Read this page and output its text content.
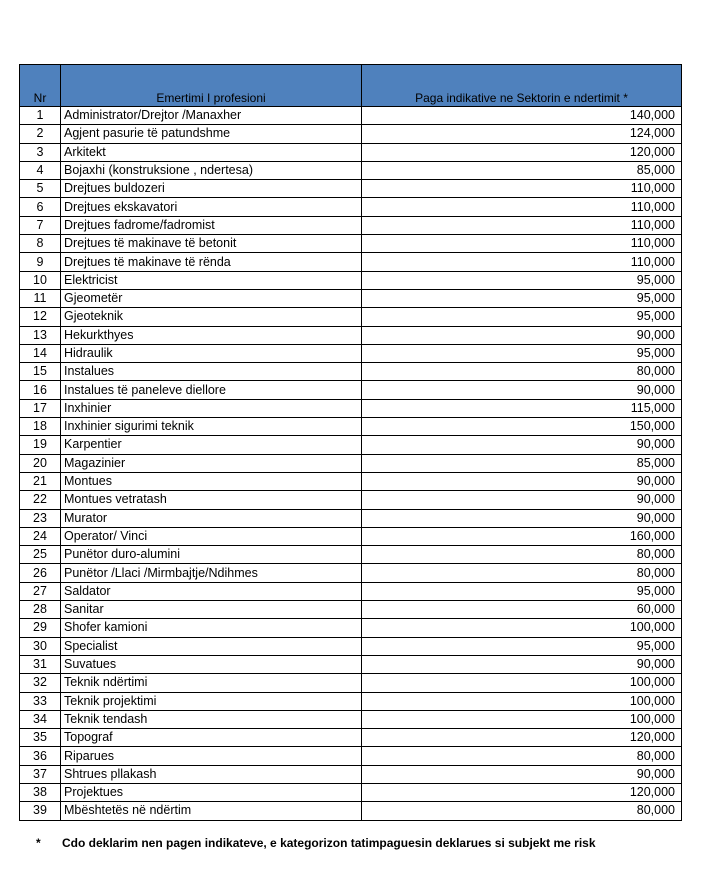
Nr	Emertimi I profesioni	Paga indikative ne Sektorin e ndertimit *
1	Administrator/Drejtor /Manaxher	140,000
2	Agjent pasurie të patundshme	124,000
3	Arkitekt	120,000
4	Bojaxhi (konstruksione , ndertesa)	85,000
5	Drejtues buldozeri	110,000
6	Drejtues ekskavatori	110,000
7	Drejtues fadrome/fadromist	110,000
8	Drejtues të makinave të betonit	110,000
9	Drejtues të makinave të rënda	110,000
10	Elektricist	95,000
11	Gjeometër	95,000
12	Gjeoteknik	95,000
13	Hekurkthyes	90,000
14	Hidraulik	95,000
15	Instalues	80,000
16	Instalues të paneleve diellore	90,000
17	Inxhinier	115,000
18	Inxhinier sigurimi teknik	150,000
19	Karpentier	90,000
20	Magazinier	85,000
21	Montues	90,000
22	Montues vetratash	90,000
23	Murator	90,000
24	Operator/ Vinci	160,000
25	Punëtor duro-alumini	80,000
26	Punëtor /Llaci /Mirmbajtje/Ndihmes	80,000
27	Saldator	95,000
28	Sanitar	60,000
29	Shofer kamioni	100,000
30	Specialist	95,000
31	Suvatues	90,000
32	Teknik ndërtimi	100,000
33	Teknik projektimi	100,000
34	Teknik tendash	100,000
35	Topograf	120,000
36	Riparues	80,000
37	Shtrues pllakash	90,000
38	Projektues	120,000
39	Mbështetës në ndërtim	80,000
* Cdo deklarim nen pagen indikateve, e kategorizon tatimpaguesin deklarues si subjekt me risk
